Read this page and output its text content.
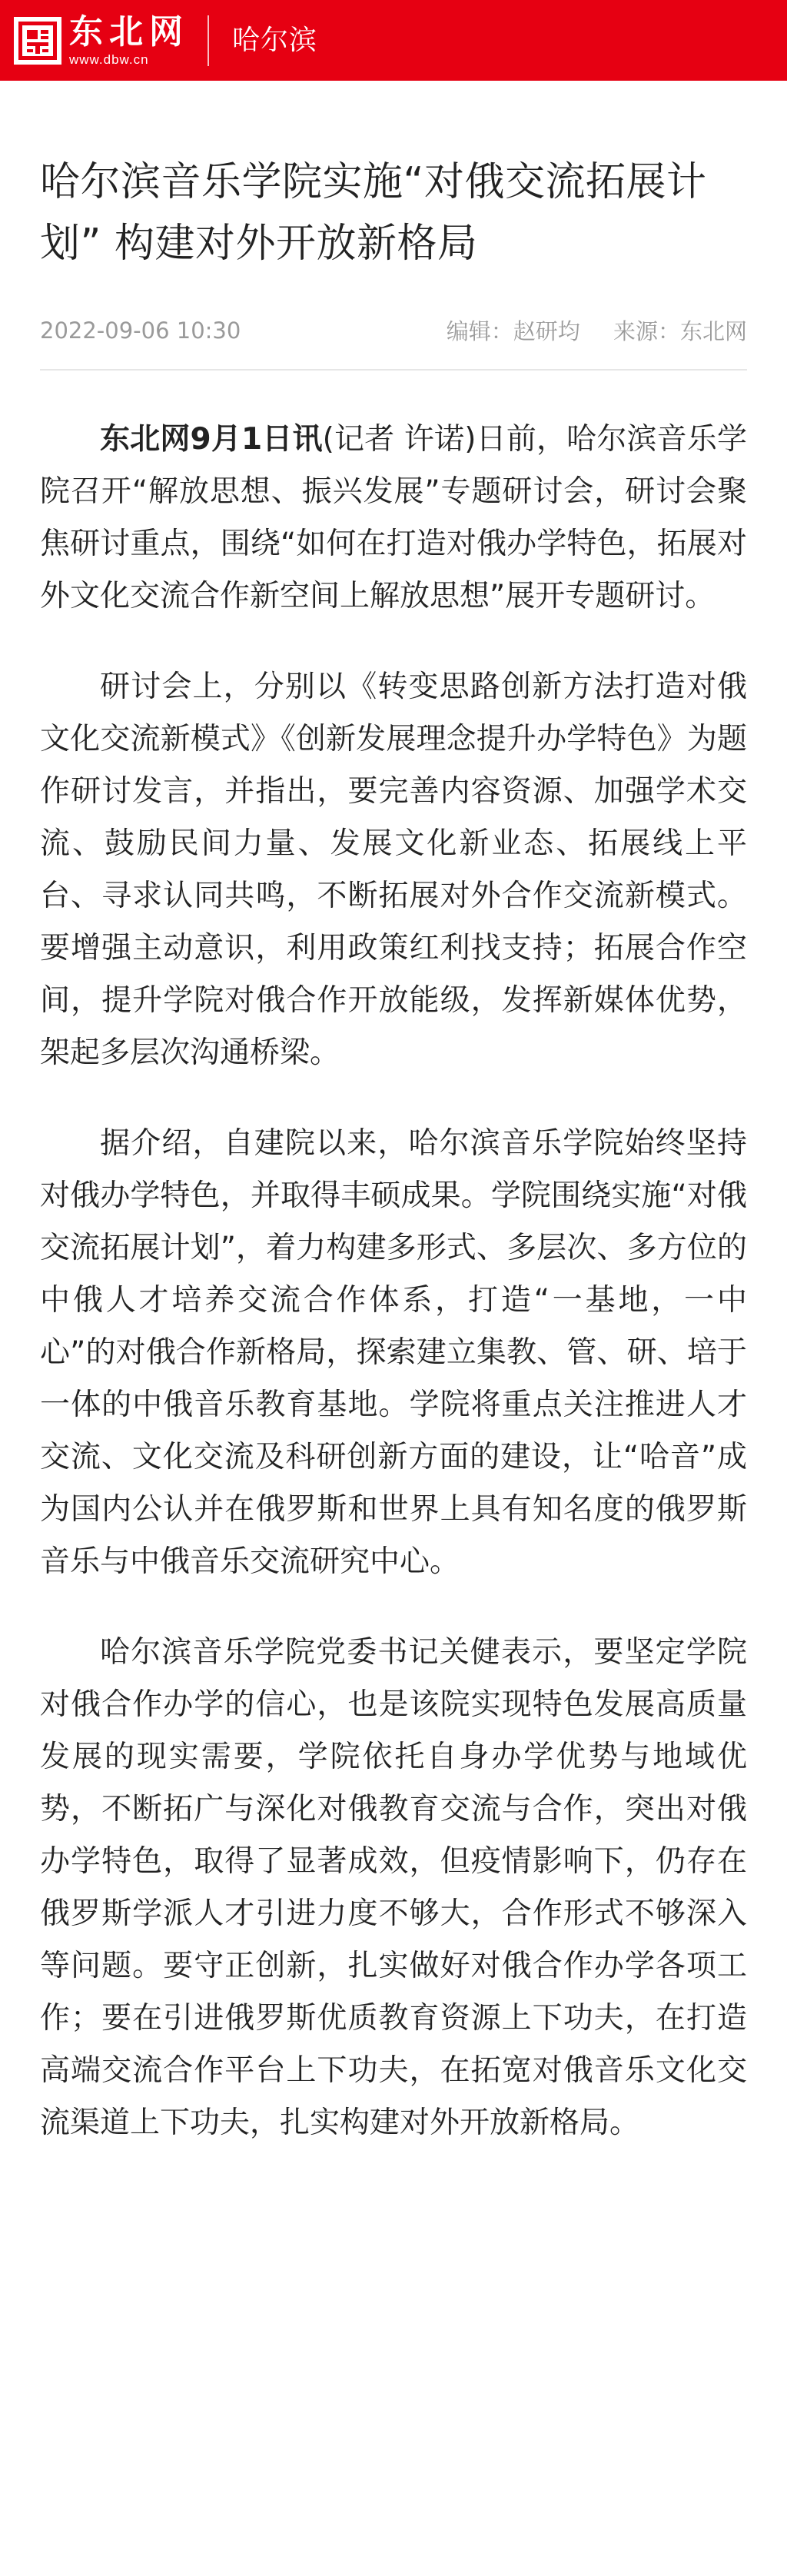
东北网
www.dbw.cn
哈尔滨
哈尔滨音乐学院实施“对俄交流拓展计划” 构建对外开放新格局
2022-09-06 10:30	编辑：赵研均 来源：东北网

东北网9月1日讯(记者 许诺)日前，哈尔滨音乐学院召开“解放思想、振兴发展”专题研讨会，研讨会聚焦研讨重点，围绕“如何在打造对俄办学特色，拓展对外文化交流合作新空间上解放思想”展开专题研讨。

研讨会上，分别以《转变思路创新方法打造对俄文化交流新模式》《创新发展理念提升办学特色》为题作研讨发言，并指出，要完善内容资源、加强学术交流、鼓励民间力量、发展文化新业态、拓展线上平台、寻求认同共鸣，不断拓展对外合作交流新模式。要增强主动意识，利用政策红利找支持；拓展合作空间，提升学院对俄合作开放能级，发挥新媒体优势，架起多层次沟通桥梁。

据介绍，自建院以来，哈尔滨音乐学院始终坚持对俄办学特色，并取得丰硕成果。学院围绕实施“对俄交流拓展计划”，着力构建多形式、多层次、多方位的中俄人才培养交流合作体系，打造“一基地，一中心”的对俄合作新格局，探索建立集教、管、研、培于一体的中俄音乐教育基地。学院将重点关注推进人才交流、文化交流及科研创新方面的建设，让“哈音”成为国内公认并在俄罗斯和世界上具有知名度的俄罗斯音乐与中俄音乐交流研究中心。

哈尔滨音乐学院党委书记关健表示，要坚定学院对俄合作办学的信心，也是该院实现特色发展高质量发展的现实需要，学院依托自身办学优势与地域优势，不断拓广与深化对俄教育交流与合作，突出对俄办学特色，取得了显著成效，但疫情影响下，仍存在俄罗斯学派人才引进力度不够大，合作形式不够深入等问题。要守正创新，扎实做好对俄合作办学各项工作；要在引进俄罗斯优质教育资源上下功夫，在打造高端交流合作平台上下功夫，在拓宽对俄音乐文化交流渠道上下功夫，扎实构建对外开放新格局。
